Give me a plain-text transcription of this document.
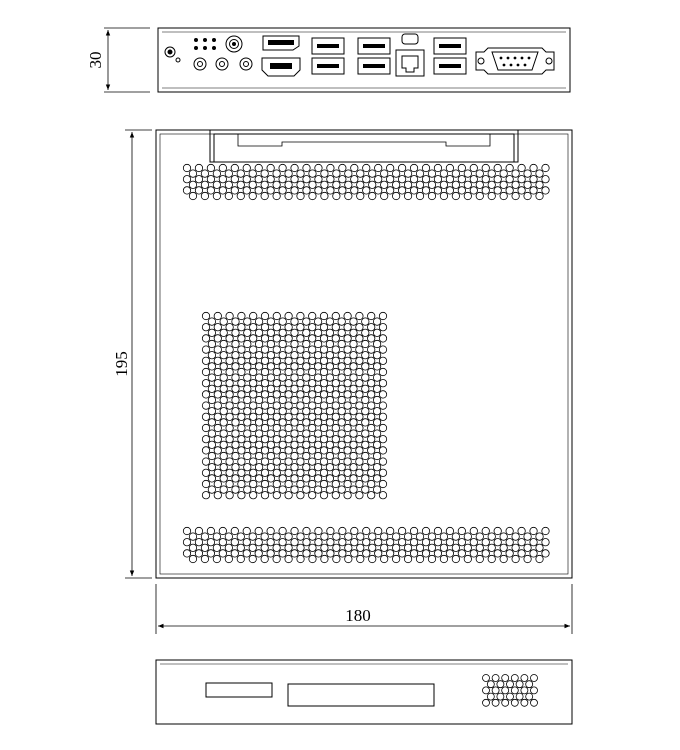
30
195
180
